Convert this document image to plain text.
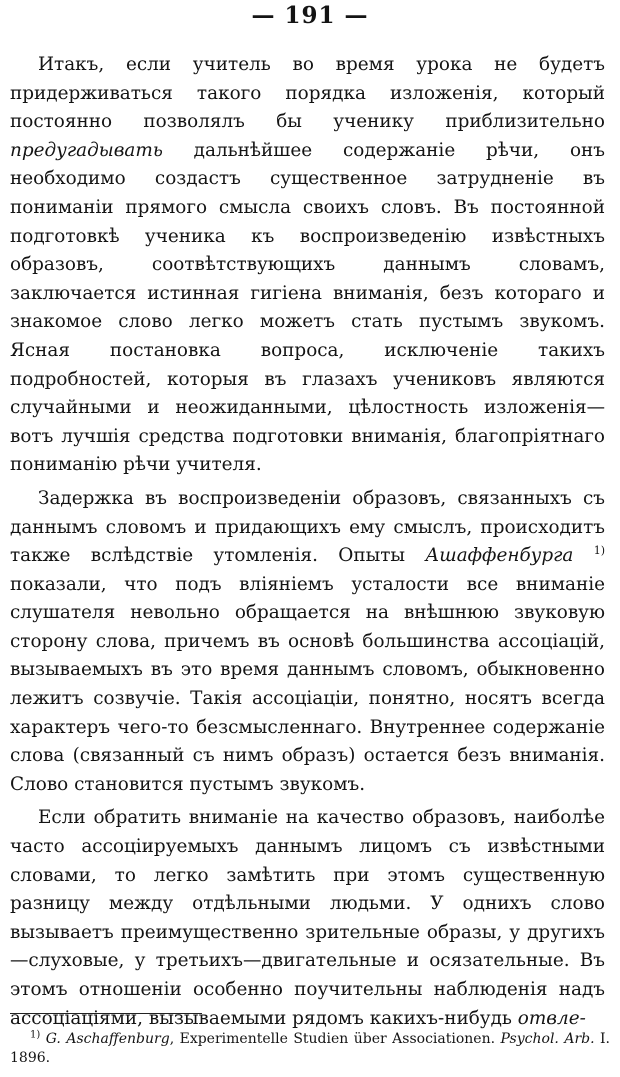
— 191 —

Итакъ, если учитель во время урока не будетъ придерживаться такого порядка изложенія, который постоянно позволялъ бы ученику приблизительно предугадывать дальнѣйшее содержаніе рѣчи, онъ необходимо создастъ существенное затрудненіе въ пониманіи прямого смысла своихъ словъ. Въ постоянной подготовкѣ ученика къ воспроизведенію извѣстныхъ образовъ, соотвѣтствующихъ даннымъ словамъ, заключается истинная гигіена вниманія, безъ котораго и знакомое слово легко можетъ стать пустымъ звукомъ. Ясная постановка вопроса, исключеніе такихъ подробностей, которыя въ глазахъ учениковъ являются случайными и неожиданными, цѣлостность изложенія—вотъ лучшія средства подготовки вниманія, благопріятнаго пониманію рѣчи учителя.

Задержка въ воспроизведеніи образовъ, связанныхъ съ даннымъ словомъ и придающихъ ему смыслъ, происходитъ также вслѣдствіе утомленія. Опыты Ашаффенбурга $^{1)}$ показали, что подъ вліяніемъ усталости все вниманіе слушателя невольно обращается на внѣшнюю звуковую сторону слова, причемъ въ основѣ большинства ассоціацій, вызываемыхъ въ это время даннымъ словомъ, обыкновенно лежитъ созвучіе. Такія ассоціаціи, понятно, носятъ всегда характеръ чего-то безсмысленнаго. Внутреннее содержаніе слова (связанный съ нимъ образъ) остается безъ вниманія. Слово становится пустымъ звукомъ.

Если обратить вниманіе на качество образовъ, наиболѣе часто ассоціируемыхъ даннымъ лицомъ съ извѣстными словами, то легко замѣтить при этомъ существенную разницу между отдѣльными людьми. У однихъ слово вызываетъ преимущественно зрительные образы, у другихъ—слуховые, у третьихъ—двигательные и осязательные. Въ этомъ отношеніи особенно поучительны наблюденія надъ ассоціаціями, вызываемыми рядомъ какихъ-нибудь отвле-

$^{1)}$ G. Aschaffenburg, Experimentelle Studien über Associationen. Psychol. Arb. I. 1896.
